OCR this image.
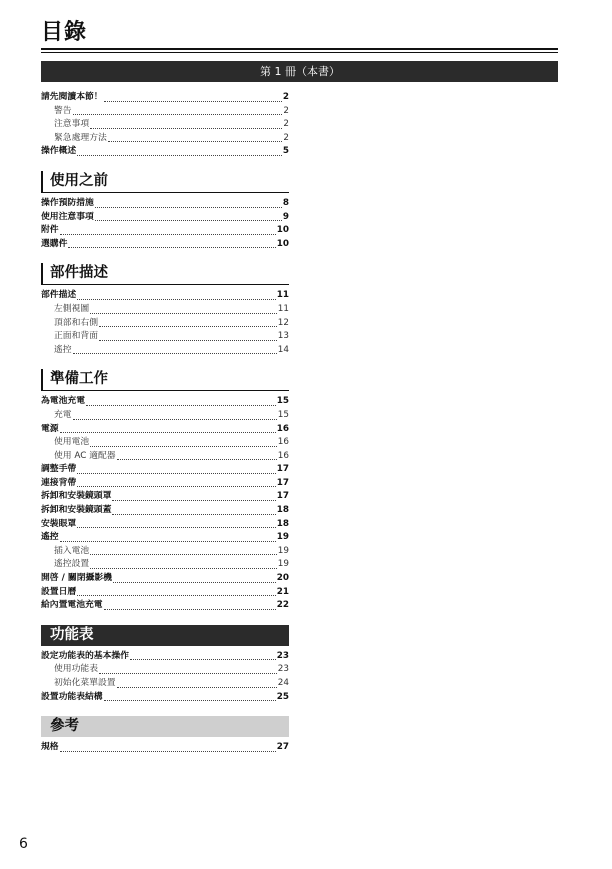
目錄
第 1 冊（本書）
請先閱讀本節！	2
警告	2
注意事項	2
緊急處理方法	2
操作概述	5
使用之前
操作預防措施	8
使用注意事項	9
附件	10
選購件	10
部件描述
部件描述	11
左側視圖	11
頂部和右側	12
正面和背面	13
遙控	14
準備工作
為電池充電	15
充電	15
電源	16
使用電池	16
使用 AC 適配器	16
調整手帶	17
連接背帶	17
拆卸和安裝鏡頭罩	17
拆卸和安裝鏡頭蓋	18
安裝眼罩	18
遙控	19
插入電池	19
遙控設置	19
開啓 / 關閉攝影機	20
設置日曆	21
給內置電池充電	22
功能表
設定功能表的基本操作	23
使用功能表	23
初始化菜單設置	24
設置功能表結構	25
參考
規格	27
6
